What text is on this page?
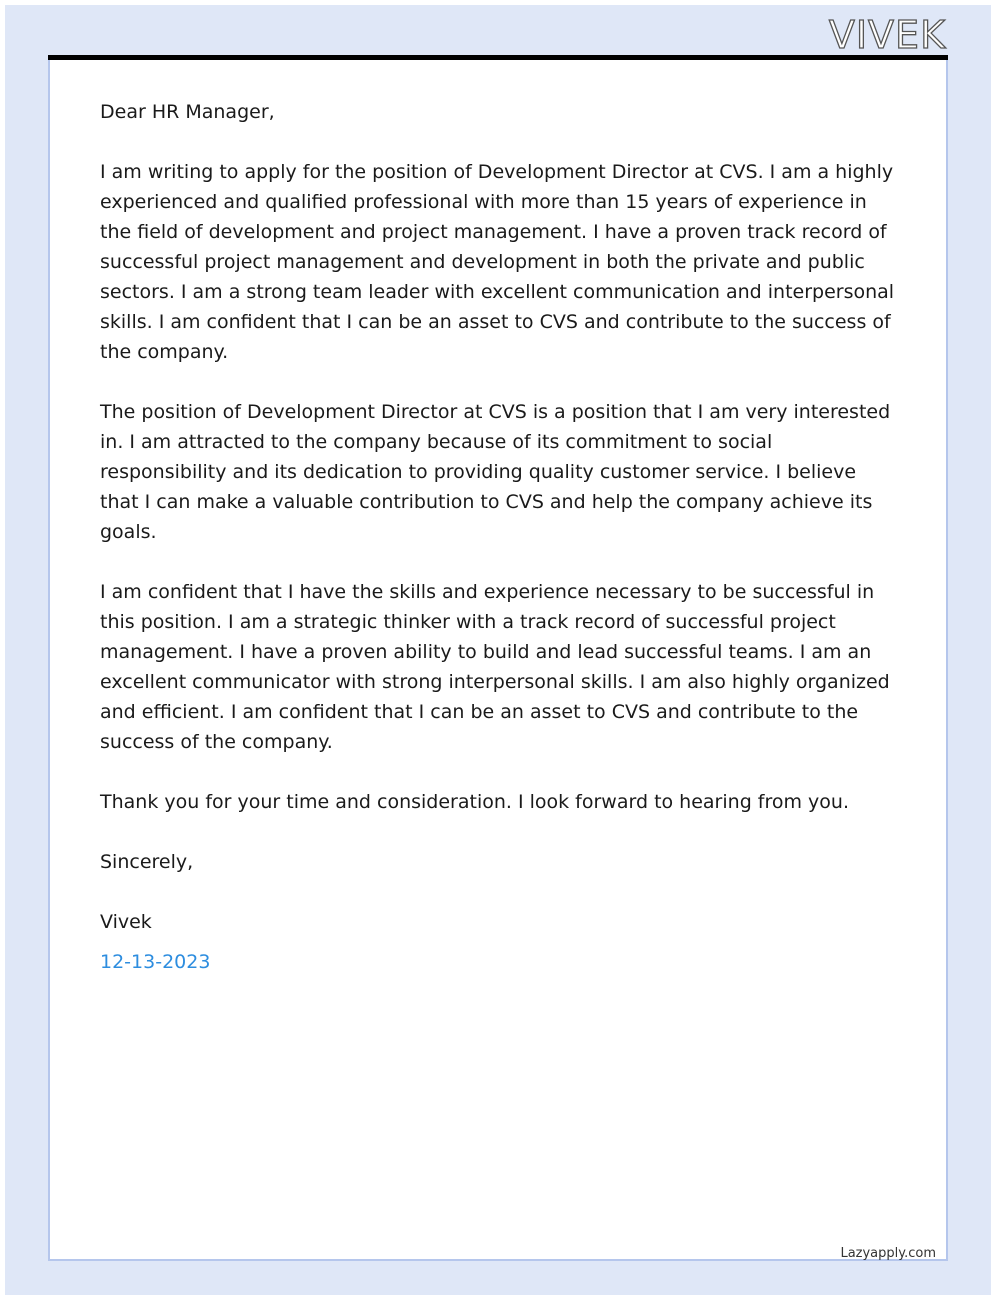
VIVEK

Dear HR Manager,

I am writing to apply for the position of Development Director at CVS. I am a highly experienced and qualified professional with more than 15 years of experience in the field of development and project management. I have a proven track record of successful project management and development in both the private and public sectors. I am a strong team leader with excellent communication and interpersonal skills. I am confident that I can be an asset to CVS and contribute to the success of the company.

The position of Development Director at CVS is a position that I am very interested in. I am attracted to the company because of its commitment to social responsibility and its dedication to providing quality customer service. I believe that I can make a valuable contribution to CVS and help the company achieve its goals.

I am confident that I have the skills and experience necessary to be successful in this position. I am a strategic thinker with a track record of successful project management. I have a proven ability to build and lead successful teams. I am an excellent communicator with strong interpersonal skills. I am also highly organized and efficient. I am confident that I can be an asset to CVS and contribute to the success of the company.

Thank you for your time and consideration. I look forward to hearing from you.

Sincerely,

Vivek

12-13-2023

Lazyapply.com
